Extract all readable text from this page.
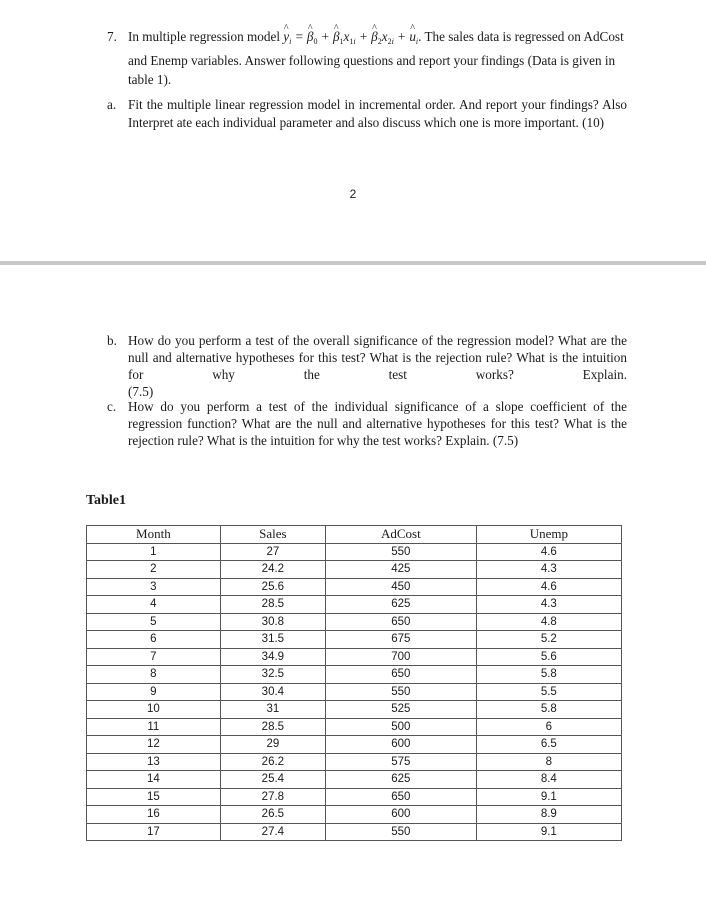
7. In multiple regression model y $\^{}_i = \beta$ $\^{}_0 + \beta$ $\^{}_1x_{1i} + \beta$ $\^{}_2x_{2i} + u$ $\^{}_i$. The sales data is regressed on AdCost and Enemp variables. Answer following questions and report your findings (Data is given in table 1).
a. Fit the multiple linear regression model in incremental order. And report your findings? Also Interpret ate each individual parameter and also discuss which one is more important. (10)
2
b. How do you perform a test of the overall significance of the regression model? What are the null and alternative hypotheses for this test? What is the rejection rule? What is the intuition for why the test works? Explain.
(7.5)
c. How do you perform a test of the individual significance of a slope coefficient of the regression function? What are the null and alternative hypotheses for this test? What is the rejection rule? What is the intuition for why the test works? Explain. (7.5)
Table1
Month	Sales	AdCost	Unemp
1	27	550	4.6
2	24.2	425	4.3
3	25.6	450	4.6
4	28.5	625	4.3
5	30.8	650	4.8
6	31.5	675	5.2
7	34.9	700	5.6
8	32.5	650	5.8
9	30.4	550	5.5
10	31	525	5.8
11	28.5	500	6
12	29	600	6.5
13	26.2	575	8
14	25.4	625	8.4
15	27.8	650	9.1
16	26.5	600	8.9
17	27.4	550	9.1
